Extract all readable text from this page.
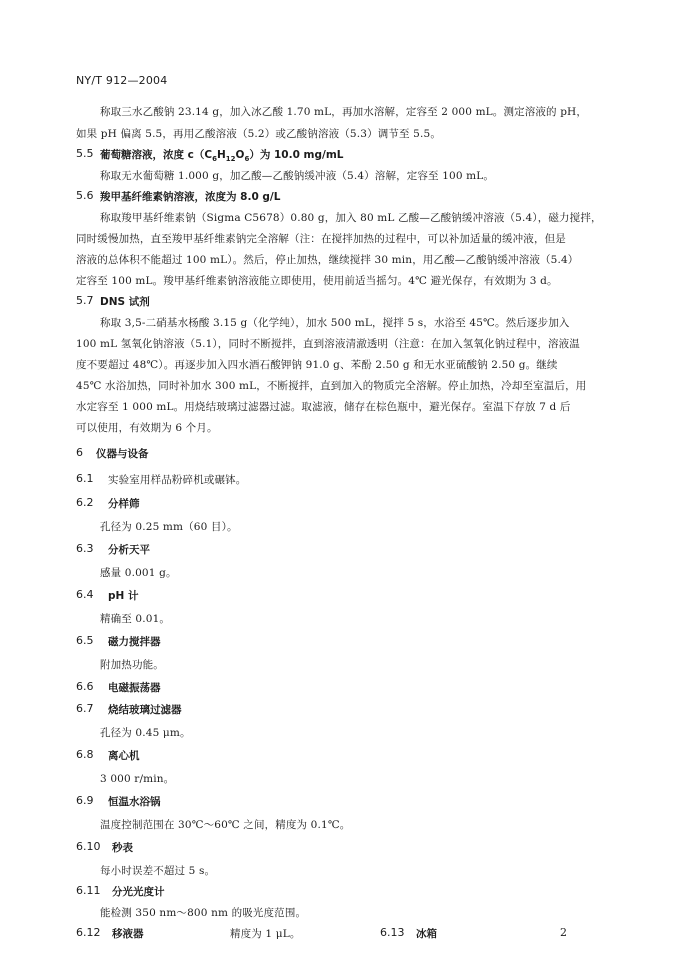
NY/T 912—2004
称取三水乙酸钠 23.14 g，加入冰乙酸 1.70 mL，再加水溶解，定容至 2 000 mL。测定溶液的 pH，
如果 pH 偏离 5.5，再用乙酸溶液（5.2）或乙酸钠溶液（5.3）调节至 5.5。
5.5 葡萄糖溶液，浓度 $c(C_6H_{12}O_6)$为 10.0 mg/mL
称取无水葡萄糖 1.000 g，加乙酸—乙酸钠缓冲液（5.4）溶解，定容至 100 mL。
5.6 羧甲基纤维素钠溶液，浓度为 8.0 g/L
称取羧甲基纤维素钠（Sigma C5678）0.80 g，加入 80 mL 乙酸—乙酸钠缓冲溶液（5.4），磁力搅拌，
同时缓慢加热，直至羧甲基纤维素钠完全溶解（注：在搅拌加热的过程中，可以补加适量的缓冲液，但是
溶液的总体积不能超过 100 mL）。然后，停止加热，继续搅拌 30 min，用乙酸—乙酸钠缓冲溶液（5.4）
定容至 100 mL。羧甲基纤维素钠溶液能立即使用，使用前适当摇匀。4℃ 避光保存，有效期为 3 d。
5.7 DNS 试剂
称取 3,5-二硝基水杨酸 3.15 g（化学纯），加水 500 mL，搅拌 5 s，水浴至 45℃。然后逐步加入
100 mL 氢氧化钠溶液（5.1），同时不断搅拌，直到溶液清澈透明（注意：在加入氢氧化钠过程中，溶液温
度不要超过 48℃）。再逐步加入四水酒石酸钾钠 91.0 g、苯酚 2.50 g 和无水亚硫酸钠 2.50 g。继续
45℃ 水浴加热，同时补加水 300 mL，不断搅拌，直到加入的物质完全溶解。停止加热，冷却至室温后，用
水定容至 1 000 mL。用烧结玻璃过滤器过滤。取滤液，储存在棕色瓶中，避光保存。室温下存放 7 d 后
可以使用，有效期为 6 个月。
6 仪器与设备
6.1 实验室用样品粉碎机或碾钵。
6.2 分样筛
孔径为 0.25 mm（60 目）。
6.3 分析天平
感量 0.001 g。
6.4 pH 计
精确至 0.01。
6.5 磁力搅拌器
附加热功能。
6.6 电磁振荡器
6.7 烧结玻璃过滤器
孔径为 0.45 μm。
6.8 离心机
3 000 r/min。
6.9 恒温水浴锅
温度控制范围在 30℃～60℃ 之间，精度为 0.1℃。
6.10 秒表
每小时误差不超过 5 s。
6.11 分光光度计
能检测 350 nm～800 nm 的吸光度范围。
6.12 移液器	精度为 1 μL。	6.13 冰箱	2
